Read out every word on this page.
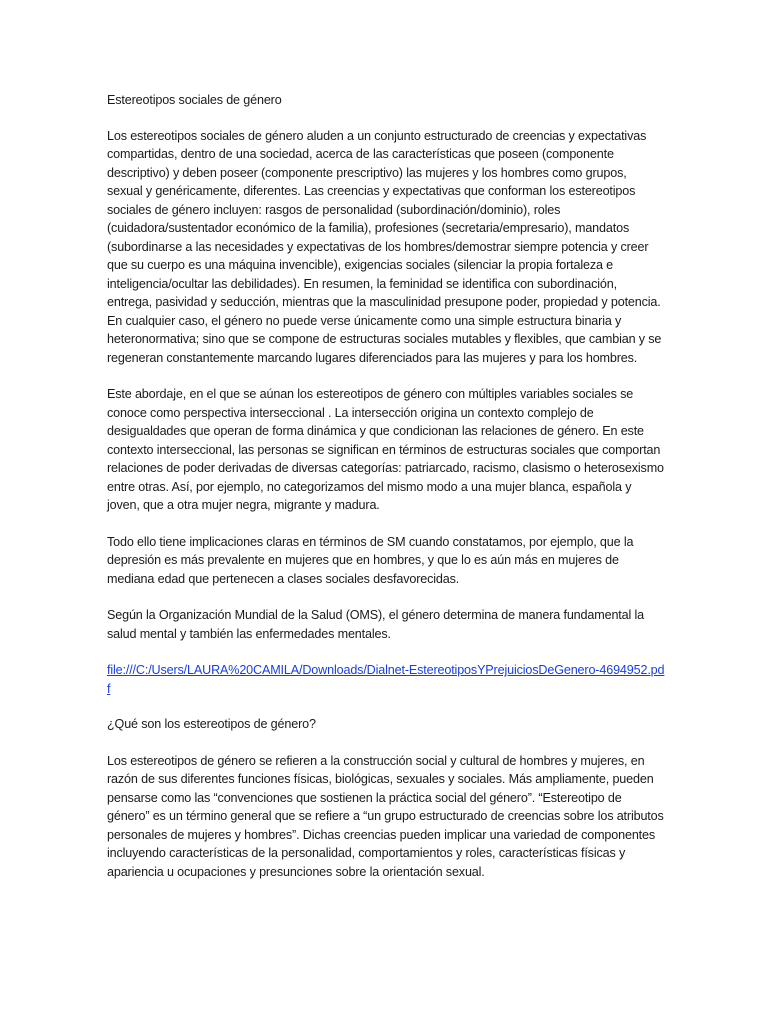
Estereotipos sociales de género

Los estereotipos sociales de género aluden a un conjunto estructurado de creencias y expectativas compartidas, dentro de una sociedad, acerca de las características que poseen (componente descriptivo) y deben poseer (componente prescriptivo) las mujeres y los hombres como grupos, sexual y genéricamente, diferentes. Las creencias y expectativas que conforman los estereotipos sociales de género incluyen: rasgos de personalidad (subordinación/dominio), roles (cuidadora/sustentador económico de la familia), profesiones (secretaria/empresario), mandatos (subordinarse a las necesidades y expectativas de los hombres/demostrar siempre potencia y creer que su cuerpo es una máquina invencible), exigencias sociales (silenciar la propia fortaleza e inteligencia/ocultar las debilidades). En resumen, la feminidad se identifica con subordinación, entrega, pasividad y seducción, mientras que la masculinidad presupone poder, propiedad y potencia. En cualquier caso, el género no puede verse únicamente como una simple estructura binaria y heteronormativa; sino que se compone de estructuras sociales mutables y flexibles, que cambian y se regeneran constantemente marcando lugares diferenciados para las mujeres y para los hombres.

Este abordaje, en el que se aúnan los estereotipos de género con múltiples variables sociales se conoce como perspectiva interseccional . La intersección origina un contexto complejo de desigualdades que operan de forma dinámica y que condicionan las relaciones de género. En este contexto interseccional, las personas se significan en términos de estructuras sociales que comportan relaciones de poder derivadas de diversas categorías: patriarcado, racismo, clasismo o heterosexismo entre otras. Así, por ejemplo, no categorizamos del mismo modo a una mujer blanca, española y joven, que a otra mujer negra, migrante y madura.

Todo ello tiene implicaciones claras en términos de SM cuando constatamos, por ejemplo, que la depresión es más prevalente en mujeres que en hombres, y que lo es aún más en mujeres de mediana edad que pertenecen a clases sociales desfavorecidas.

Según la Organización Mundial de la Salud (OMS), el género determina de manera fundamental la salud mental y también las enfermedades mentales.

file:///C:/Users/LAURA%20CAMILA/Downloads/Dialnet-EstereotiposYPrejuiciosDeGenero-4694952.pdf

¿Qué son los estereotipos de género?

Los estereotipos de género se refieren a la construcción social y cultural de hombres y mujeres, en razón de sus diferentes funciones físicas, biológicas, sexuales y sociales. Más ampliamente, pueden pensarse como las “convenciones que sostienen la práctica social del género”. “Estereotipo de género” es un término general que se refiere a “un grupo estructurado de creencias sobre los atributos personales de mujeres y hombres”. Dichas creencias pueden implicar una variedad de componentes incluyendo características de la personalidad, comportamientos y roles, características físicas y apariencia u ocupaciones y presunciones sobre la orientación sexual.
